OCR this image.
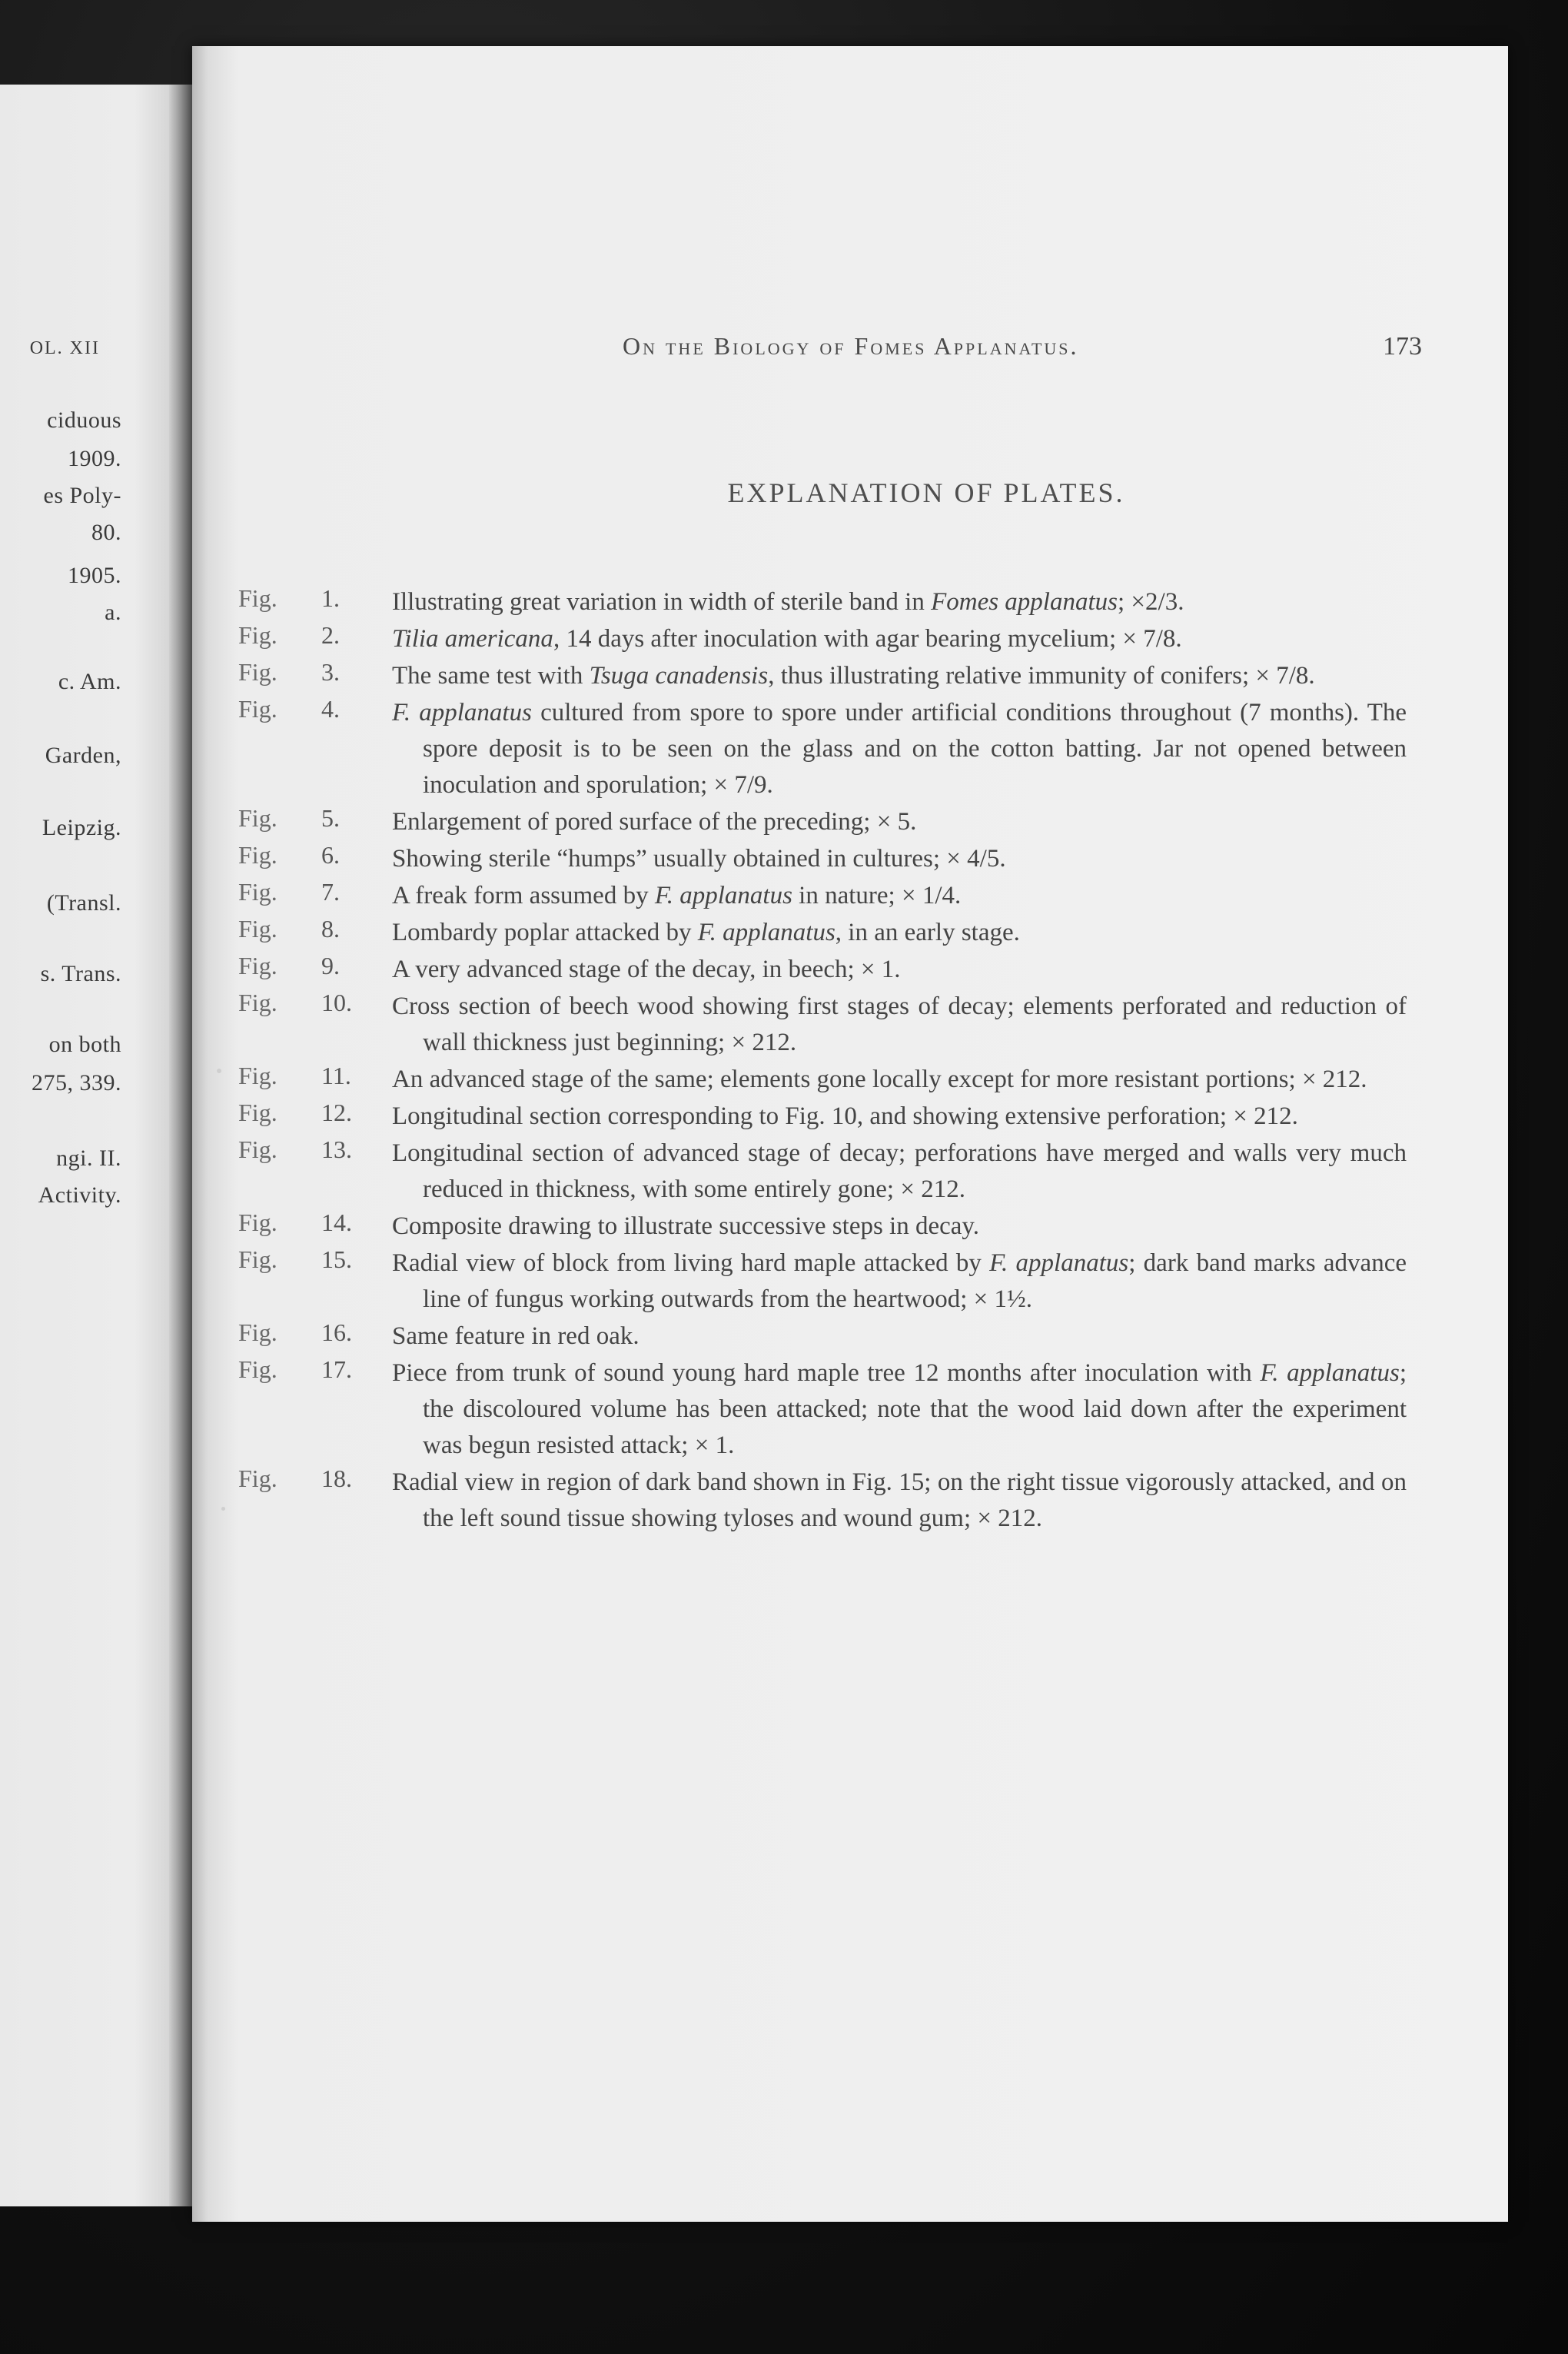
OL. XII
ciduous
1909.
es Poly-
80.
1905.
a.
c. Am.
Garden,
Leipzig.
(Transl.
s. Trans.
on both
275, 339.
ngi. II.
Activity.
On the Biology of Fomes Applanatus.	173
EXPLANATION OF PLATES.
Fig. 1. Illustrating great variation in width of sterile band in Fomes applanatus; ×2/3.
Fig. 2. Tilia americana, 14 days after inoculation with agar bearing mycelium; × 7/8.
Fig. 3. The same test with Tsuga canadensis, thus illustrating relative immunity of conifers; × 7/8.
Fig. 4. F. applanatus cultured from spore to spore under artificial conditions throughout (7 months). The spore deposit is to be seen on the glass and on the cotton batting. Jar not opened between inoculation and sporulation; × 7/9.
Fig. 5. Enlargement of pored surface of the preceding; × 5.
Fig. 6. Showing sterile “humps” usually obtained in cultures; × 4/5.
Fig. 7. A freak form assumed by F. applanatus in nature; × 1/4.
Fig. 8. Lombardy poplar attacked by F. applanatus, in an early stage.
Fig. 9. A very advanced stage of the decay, in beech; × 1.
Fig. 10. Cross section of beech wood showing first stages of decay; elements perforated and reduction of wall thickness just beginning; × 212.
Fig. 11. An advanced stage of the same; elements gone locally except for more resistant portions; × 212.
Fig. 12. Longitudinal section corresponding to Fig. 10, and showing extensive perforation; × 212.
Fig. 13. Longitudinal section of advanced stage of decay; perforations have merged and walls very much reduced in thickness, with some entirely gone; × 212.
Fig. 14. Composite drawing to illustrate successive steps in decay.
Fig. 15. Radial view of block from living hard maple attacked by F. applanatus; dark band marks advance line of fungus working outwards from the heartwood; × 1½.
Fig. 16. Same feature in red oak.
Fig. 17. Piece from trunk of sound young hard maple tree 12 months after inoculation with F. applanatus; the discoloured volume has been attacked; note that the wood laid down after the experiment was begun resisted attack; × 1.
Fig. 18. Radial view in region of dark band shown in Fig. 15; on the right tissue vigorously attacked, and on the left sound tissue showing tyloses and wound gum; × 212.
